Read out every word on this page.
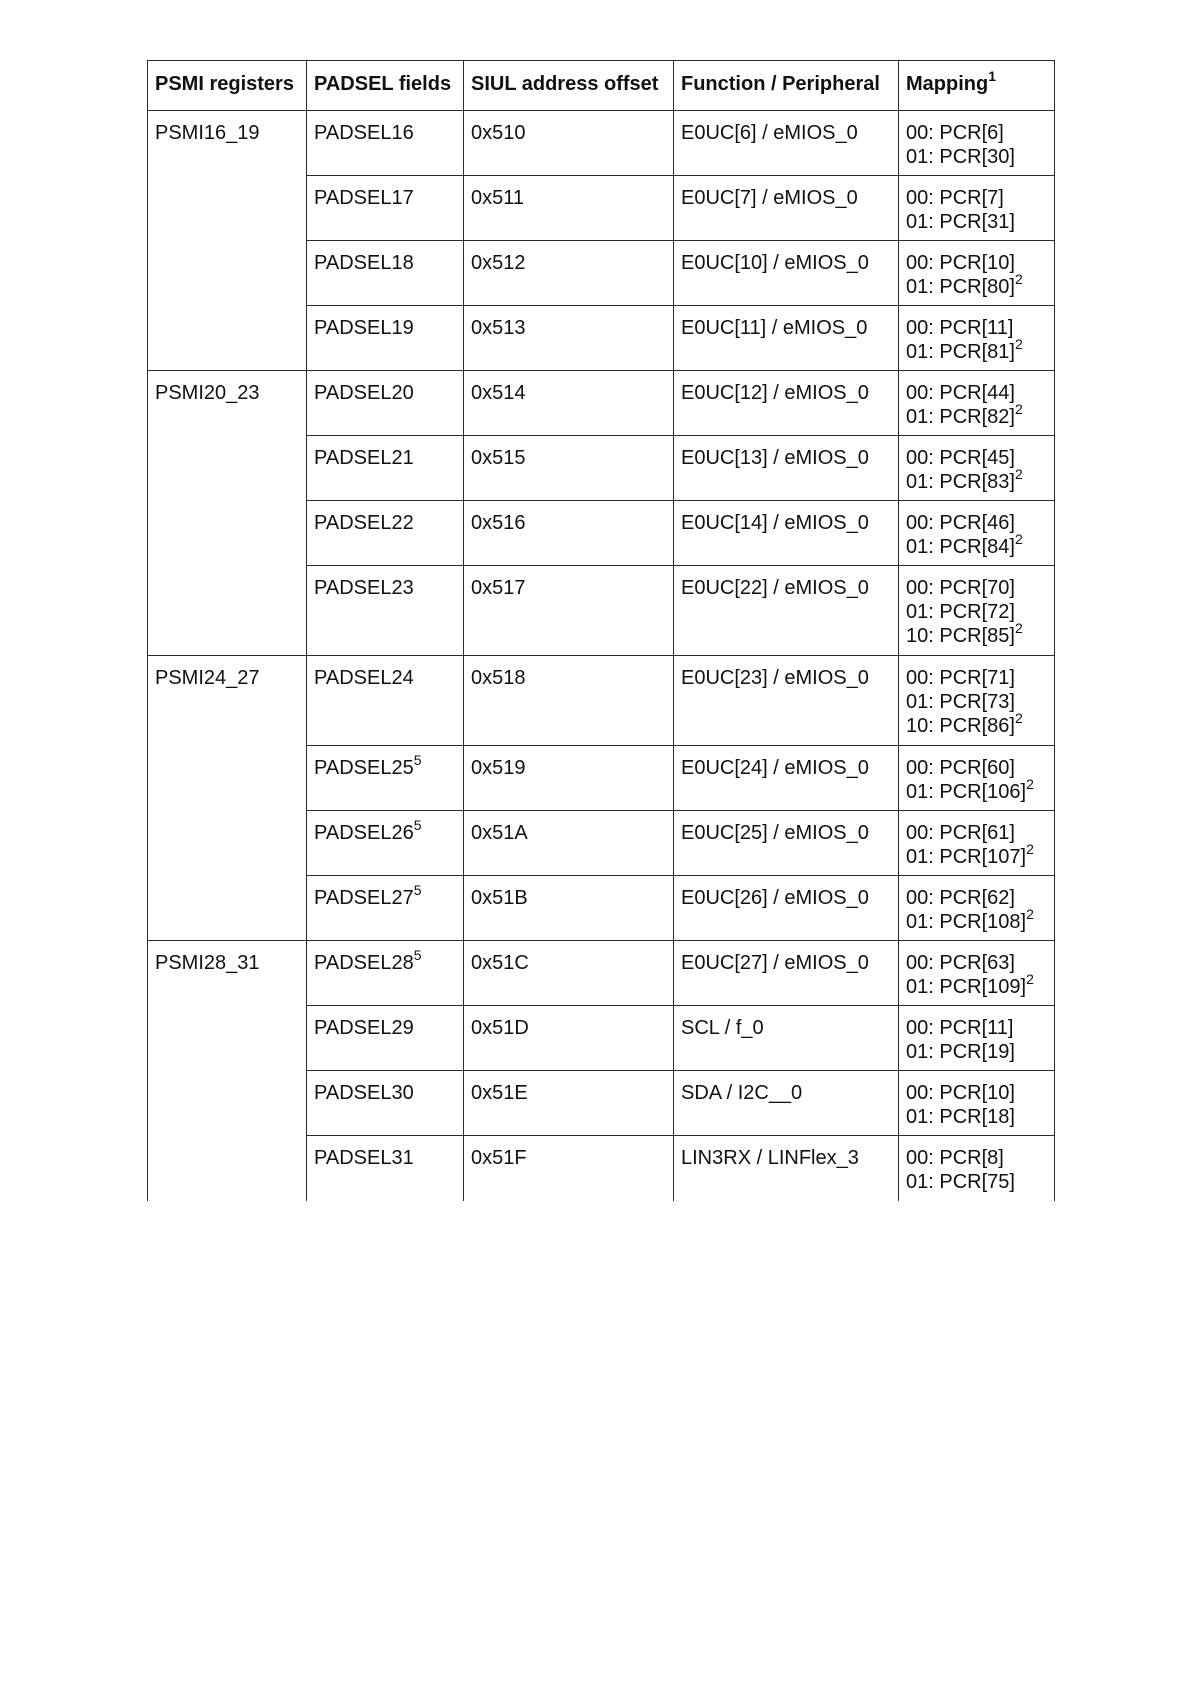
PSMI registers	PADSEL fields	SIUL address offset	Function / Peripheral	Mapping$^1$
PSMI16_19	PADSEL16	0x510	E0UC[6] / eMIOS_0	00: PCR[6]
01: PCR[30]

	PADSEL17	0x511	E0UC[7] / eMIOS_0	00: PCR[7]
01: PCR[31]

	PADSEL18	0x512	E0UC[10] / eMIOS_0	00: PCR[10]
01: $PCR[80]^2$

	PADSEL19	0x513	E0UC[11] / eMIOS_0	00: PCR[11]
01: $PCR[81]^2$

PSMI20_23	PADSEL20	0x514	E0UC[12] / eMIOS_0	00: PCR[44]
01: $PCR[82]^2$

	PADSEL21	0x515	E0UC[13] / eMIOS_0	00: PCR[45]
01: $PCR[83]^2$

	PADSEL22	0x516	E0UC[14] / eMIOS_0	00: PCR[46]
01: $PCR[84]^2$

	PADSEL23	0x517	E0UC[22] / eMIOS_0	00: PCR[70]
01: PCR[72]
10: $PCR[85]^2$

PSMI24_27	PADSEL24	0x518	E0UC[23] / eMIOS_0	00: PCR[71]
01: PCR[73]
10: $PCR[86]^2$

	$PADSEL25^5$	0x519	E0UC[24] / eMIOS_0	00: PCR[60]
01: $PCR[106]^2$

	$PADSEL26^5$	0x51A	E0UC[25] / eMIOS_0	00: PCR[61]
01: $PCR[107]^2$

	$PADSEL27^5$	0x51B	E0UC[26] / eMIOS_0	00: PCR[62]
01: $PCR[108]^2$

PSMI28_31	$PADSEL28^5$	0x51C	E0UC[27] / eMIOS_0	00: PCR[63]
01: $PCR[109]^2$

	PADSEL29	0x51D	SCL / f_0	00: PCR[11]
01: PCR[19]

	PADSEL30	0x51E	SDA / I2C__0	00: PCR[10]
01: PCR[18]

	PADSEL31	0x51F	LIN3RX / LINFlex_3	00: PCR[8]
01: PCR[75]
